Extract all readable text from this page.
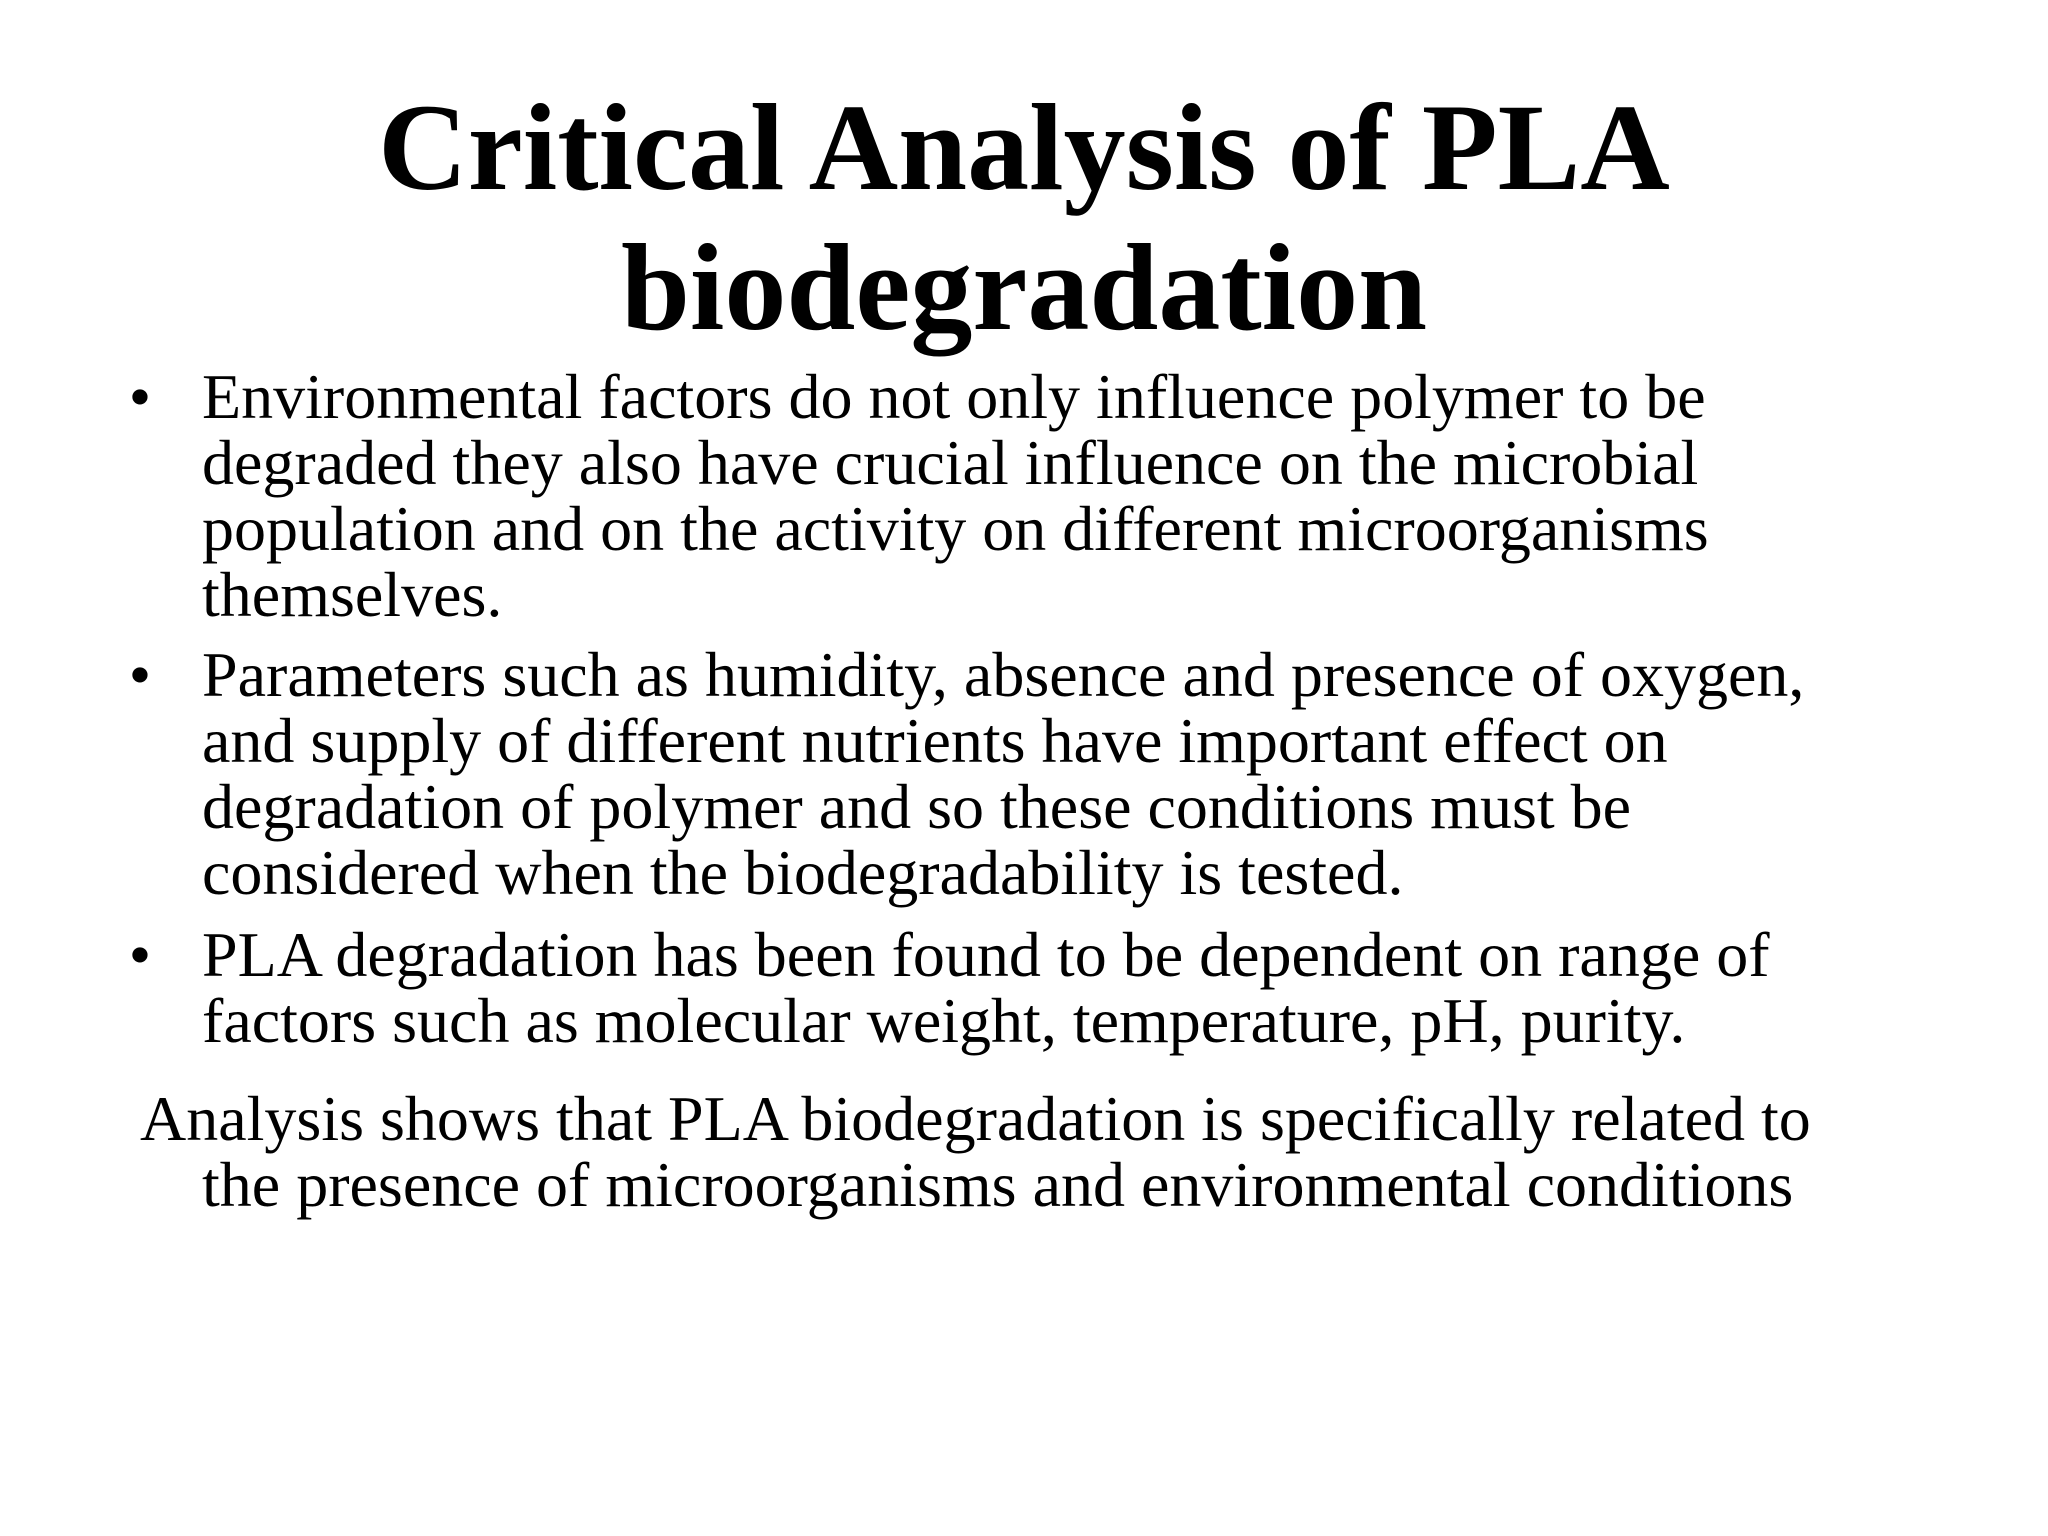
Critical Analysis of PLA
biodegradation
• Environmental factors do not only influence polymer to be
degraded they also have crucial influence on the microbial
population and on the activity on different microorganisms
themselves.
• Parameters such as humidity, absence and presence of oxygen,
and supply of different nutrients have important effect on
degradation of polymer and so these conditions must be
considered when the biodegradability is tested.
• PLA degradation has been found to be dependent on range of
factors such as molecular weight, temperature, pH, purity.

Analysis shows that PLA biodegradation is specifically related to
the presence of microorganisms and environmental conditions
